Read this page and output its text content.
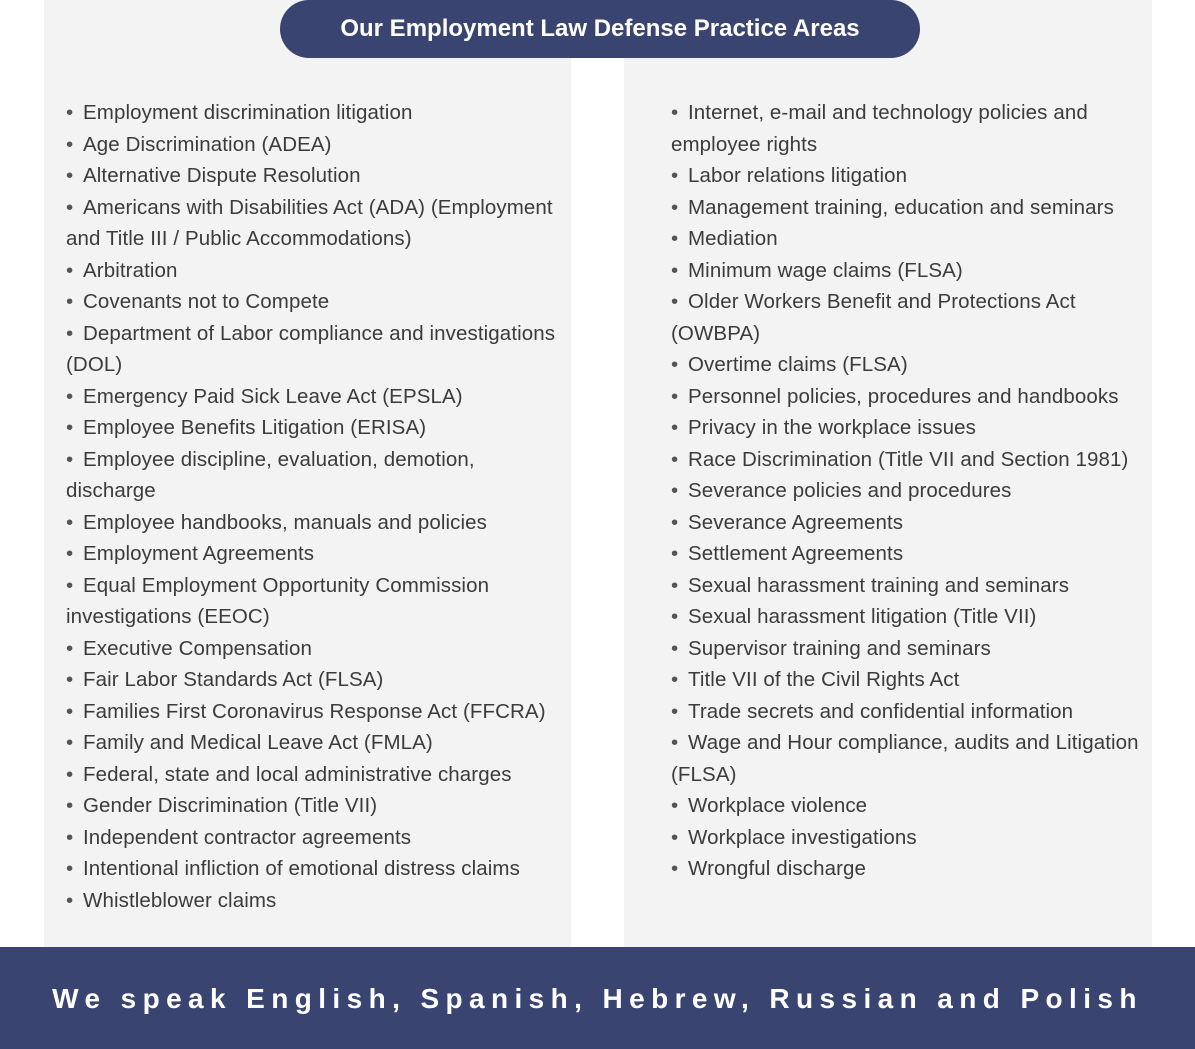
• Employment discrimination litigation
• Age Discrimination (ADEA)
• Alternative Dispute Resolution
• Americans with Disabilities Act (ADA) (Employment and Title III / Public Accommodations)
• Arbitration
• Covenants not to Compete
• Department of Labor compliance and investigations (DOL)
• Emergency Paid Sick Leave Act (EPSLA)
• Employee Benefits Litigation (ERISA)
• Employee discipline, evaluation, demotion, discharge
• Employee handbooks, manuals and policies
• Employment Agreements
• Equal Employment Opportunity Commission investigations (EEOC)
• Executive Compensation
• Fair Labor Standards Act (FLSA)
• Families First Coronavirus Response Act (FFCRA)
• Family and Medical Leave Act (FMLA)
• Federal, state and local administrative charges
• Gender Discrimination (Title VII)
• Independent contractor agreements
• Intentional infliction of emotional distress claims
• Whistleblower claims
• Internet, e-mail and technology policies and employee rights
• Labor relations litigation
• Management training, education and seminars
• Mediation
• Minimum wage claims (FLSA)
• Older Workers Benefit and Protections Act (OWBPA)
• Overtime claims (FLSA)
• Personnel policies, procedures and handbooks
• Privacy in the workplace issues
• Race Discrimination (Title VII and Section 1981)
• Severance policies and procedures
• Severance Agreements
• Settlement Agreements
• Sexual harassment training and seminars
• Sexual harassment litigation (Title VII)
• Supervisor training and seminars
• Title VII of the Civil Rights Act
• Trade secrets and confidential information
• Wage and Hour compliance, audits and Litigation (FLSA)
• Workplace violence
• Workplace investigations
• Wrongful discharge
Our Employment Law Defense Practice Areas
We speak English, Spanish, Hebrew, Russian and Polish
